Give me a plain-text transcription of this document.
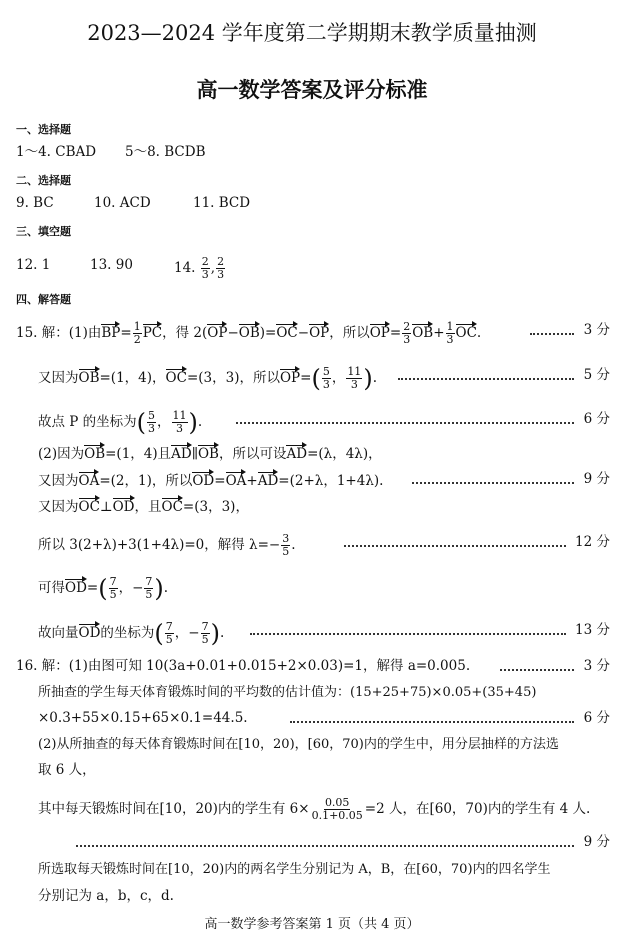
2023—2024 学年度第二学期期末教学质量抽测
高一数学答案及评分标准
一、选择题
1～4. CBAD 5～8. BCDB
二、选择题
9. BC	10. ACD	11. BCD
三、填空题
12. 1	13. 90	14. $\frac{2}{3}$ , $\frac{2}{3}$
四、解答题
15. 解：(1)由$BP= \frac{1}{2}$ PC，得 2(OP−OB)=OC−OP，所以$OP= \frac{2}{3} OB+ \frac{1}{3}$ OC.	3 分
又因为OB=(1，4)，OC=(3，3)，所以$OP=( \frac{5}{3}$ ， $\frac{11}{3}$ ).	5 分
故点 P 的坐标为( $\frac{5}{3}$ ， $\frac{11}{3}$ ).	6 分
(2)因为OB=(1，4)且AD∥OB，所以可设AD=(λ，4λ)，
又因为OA=(2，1)，所以OD=OA+AD=(2+λ，1+4λ).	9 分
又因为OC⊥OD，且OC=(3，3)，
所以 3(2+λ)+3(1+4λ)=0，解得 $\lambda=- \frac{3}{5}$ .	12 分
可得$OD=( \frac{7}{5}$ ，− $\frac{7}{5}$ ).
故向量OD的坐标为( $\frac{7}{5}$ ，− $\frac{7}{5}$ ).	13 分
16. 解：(1)由图可知 10(3a+0.01+0.015+2×0.03)=1，解得 a=0.005.	3 分
所抽查的学生每天体育锻炼时间的平均数的估计值为：(15+25+75)×0.05+(35+45)
×0.3+55×0.15+65×0.1=44.5.	6 分
(2)从所抽查的每天体育锻炼时间在[10，20)，[60，70)内的学生中，用分层抽样的方法选
取 6 人，
其中每天锻炼时间在[10，20)内的学生有 $6\times \frac{0.05}{0.1+0.05} =2$ 人，在[60，70)内的学生有 4 人.
9 分
所选取每天锻炼时间在[10，20)内的两名学生分别记为 A，B，在[60，70)内的四名学生
分别记为 a，b，c，d.
高一数学参考答案第 1 页（共 4 页）
